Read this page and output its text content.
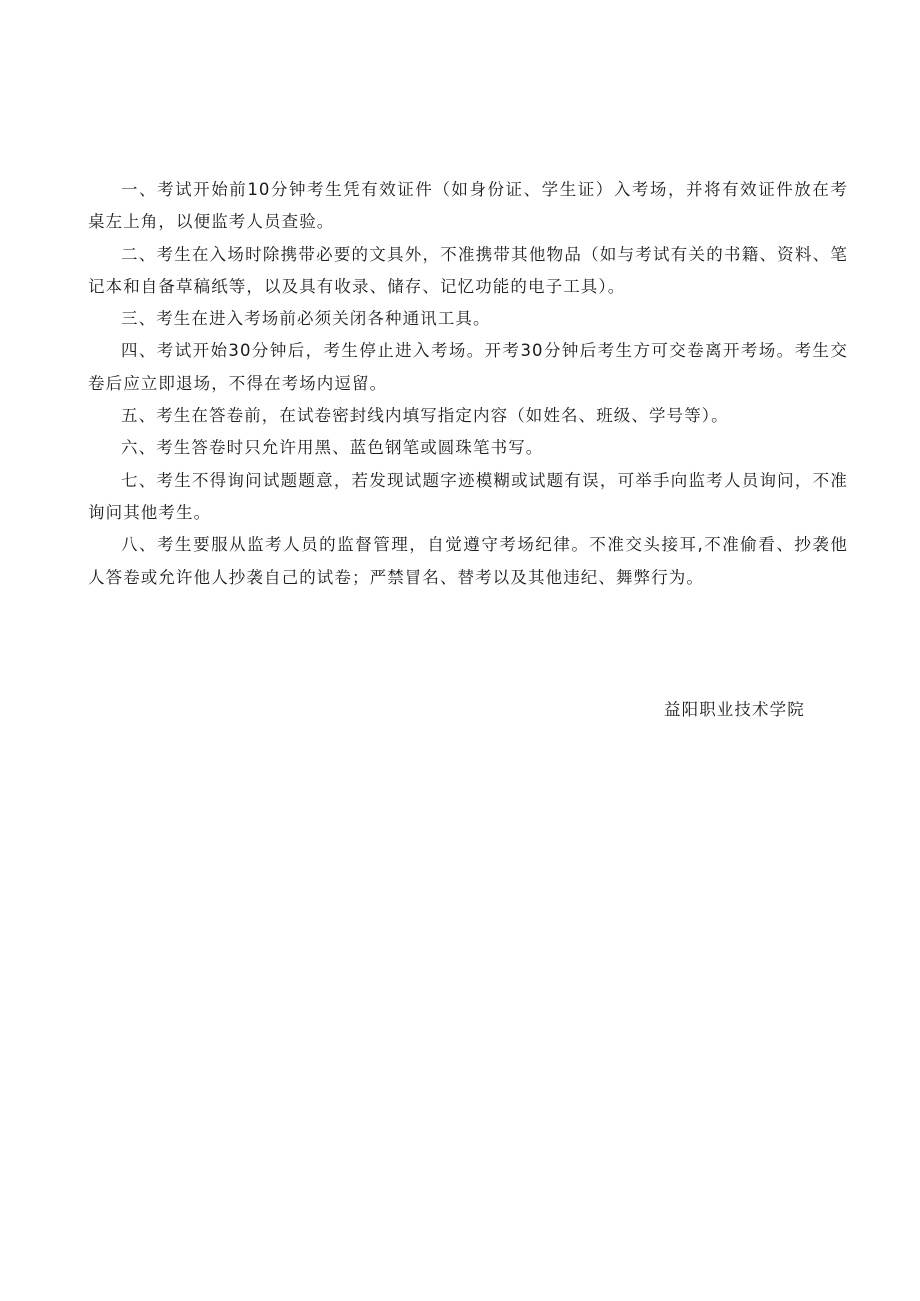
一、考试开始前10分钟考生凭有效证件（如身份证、学生证）入考场，并将有效证件放在考桌左上角，以便监考人员查验。

二、考生在入场时除携带必要的文具外，不准携带其他物品（如与考试有关的书籍、资料、笔记本和自备草稿纸等，以及具有收录、储存、记忆功能的电子工具）。

三、考生在进入考场前必须关闭各种通讯工具。

四、考试开始30分钟后，考生停止进入考场。开考30分钟后考生方可交卷离开考场。考生交卷后应立即退场，不得在考场内逗留。

五、考生在答卷前，在试卷密封线内填写指定内容（如姓名、班级、学号等）。

六、考生答卷时只允许用黑、蓝色钢笔或圆珠笔书写。

七、考生不得询问试题题意，若发现试题字迹模糊或试题有误，可举手向监考人员询问，不准询问其他考生。

八、考生要服从监考人员的监督管理，自觉遵守考场纪律。不准交头接耳,不准偷看、抄袭他人答卷或允许他人抄袭自己的试卷；严禁冒名、替考以及其他违纪、舞弊行为。

益阳职业技术学院
